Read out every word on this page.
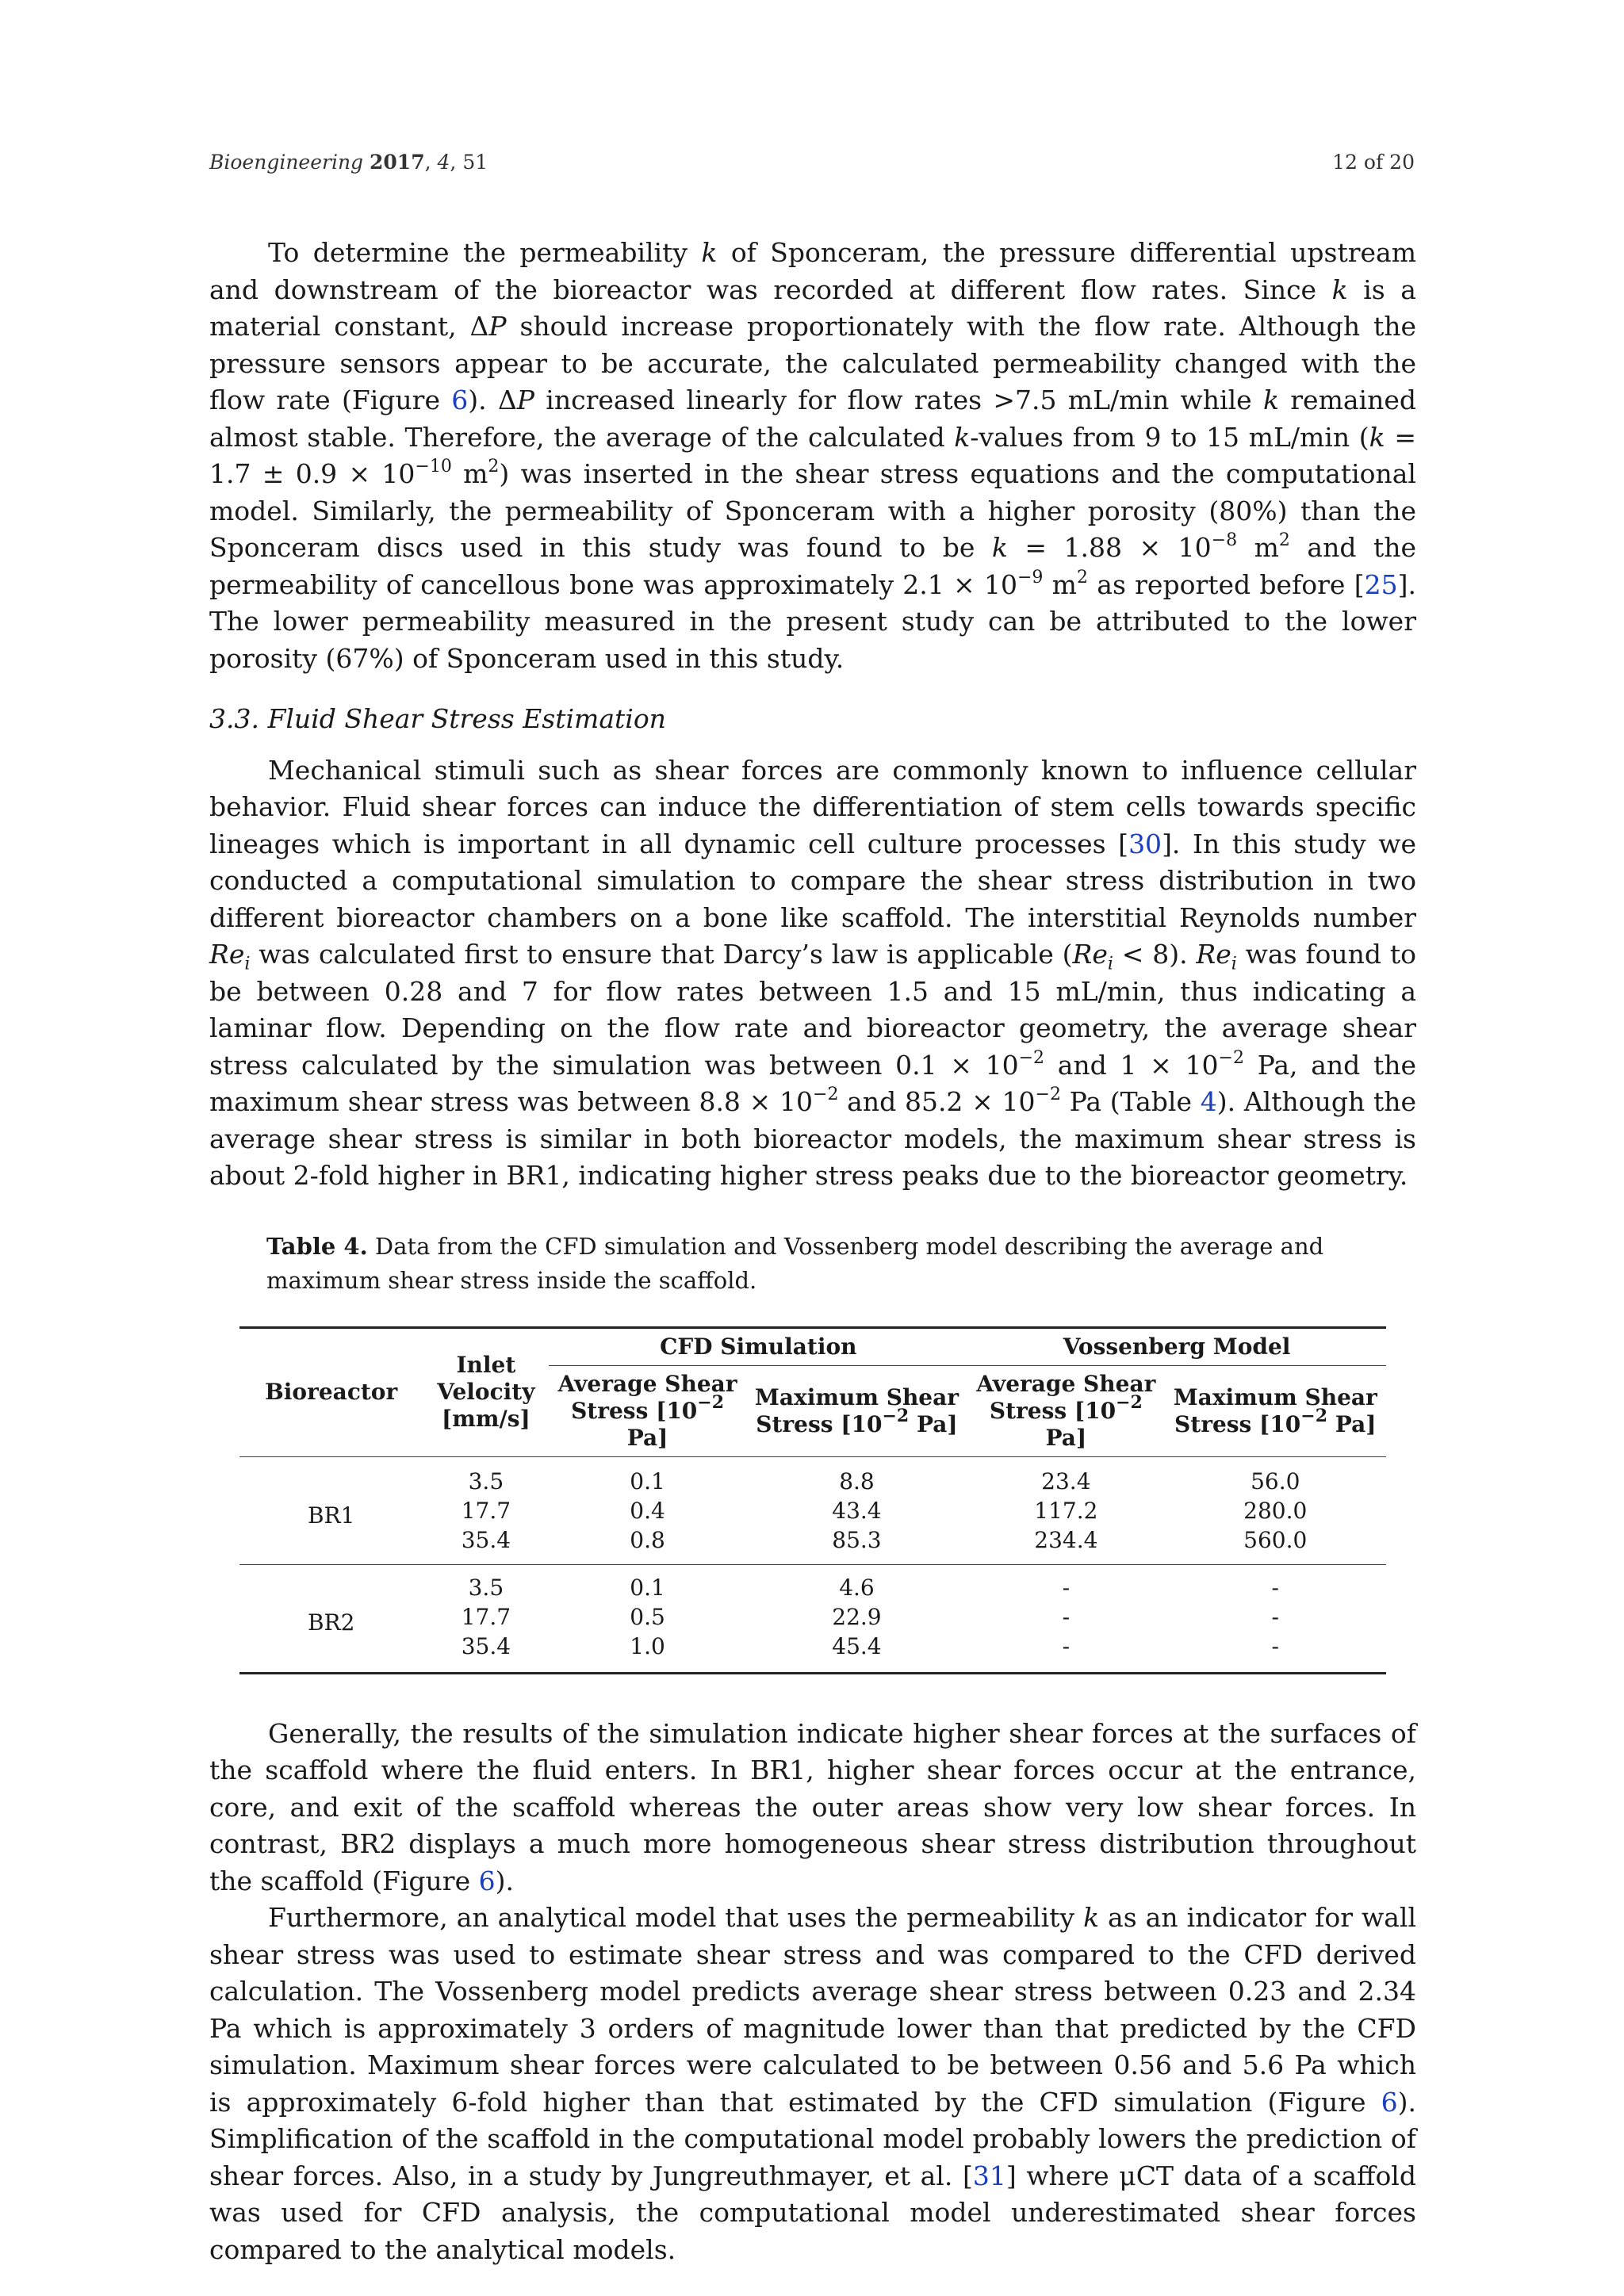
Bioengineering 2017, 4, 51	12 of 20

To determine the permeability k of Sponceram, the pressure differential upstream and downstream of the bioreactor was recorded at different flow rates. Since k is a material constant, ΔP should increase proportionately with the flow rate. Although the pressure sensors appear to be accurate, the calculated permeability changed with the flow rate (Figure 6). ΔP increased linearly for flow rates >7.5 mL/min while k remained almost stable. Therefore, the average of the calculated k-values from 9 to 15 mL/min ($k = 1.7 \pm 0.9 \times 10^{-10}$ $m^2$) was inserted in the shear stress equations and the computational model. Similarly, the permeability of Sponceram with a higher porosity (80%) than the Sponceram discs used in this study was found to be $k = 1.88 \times 10^{-8}$ $m^2$ and the permeability of cancellous bone was approximately $2.1 \times 10^{-9}$ $m^2$ as reported before [25]. The lower permeability measured in the present study can be attributed to the lower porosity (67%) of Sponceram used in this study.

3.3. Fluid Shear Stress Estimation

Mechanical stimuli such as shear forces are commonly known to influence cellular behavior. Fluid shear forces can induce the differentiation of stem cells towards specific lineages which is important in all dynamic cell culture processes [30]. In this study we conducted a computational simulation to compare the shear stress distribution in two different bioreactor chambers on a bone like scaffold. The interstitial Reynolds number $Re_i$ was calculated first to ensure that Darcy’s law is applicable $(Re_i < 8)$. $Re_i$ was found to be between 0.28 and 7 for flow rates between 1.5 and 15 mL/min, thus indicating a laminar flow. Depending on the flow rate and bioreactor geometry, the average shear stress calculated by the simulation was between $0.1 \times 10^{-2}$ and $1 \times 10^{-2}$ Pa, and the maximum shear stress was between $8.8 \times 10^{-2}$ and $85.2 \times 10^{-2}$ Pa (Table 4). Although the average shear stress is similar in both bioreactor models, the maximum shear stress is about 2-fold higher in BR1, indicating higher stress peaks due to the bioreactor geometry.

Table 4. Data from the CFD simulation and Vossenberg model describing the average and maximum shear stress inside the scaffold.

Bioreactor	Inlet Velocity [mm/s]	CFD Simulation		Vossenberg Model	
		Average Shear Stress [$10^{-2}$ Pa]	Maximum Shear Stress [$10^{-2}$ Pa]	Average Shear Stress [$10^{-2}$ Pa]	Maximum Shear Stress [$10^{-2}$ Pa]
BR1	3.5	0.1	8.8	23.4	56.0
	17.7	0.4	43.4	117.2	280.0
	35.4	0.8	85.3	234.4	560.0
BR2	3.5	0.1	4.6	-	-
	17.7	0.5	22.9	-	-
	35.4	1.0	45.4	-	-

Generally, the results of the simulation indicate higher shear forces at the surfaces of the scaffold where the fluid enters. In BR1, higher shear forces occur at the entrance, core, and exit of the scaffold whereas the outer areas show very low shear forces. In contrast, BR2 displays a much more homogeneous shear stress distribution throughout the scaffold (Figure 6).

Furthermore, an analytical model that uses the permeability k as an indicator for wall shear stress was used to estimate shear stress and was compared to the CFD derived calculation. The Vossenberg model predicts average shear stress between 0.23 and 2.34 Pa which is approximately 3 orders of magnitude lower than that predicted by the CFD simulation. Maximum shear forces were calculated to be between 0.56 and 5.6 Pa which is approximately 6-fold higher than that estimated by the CFD simulation (Figure 6). Simplification of the scaffold in the computational model probably lowers the prediction of shear forces. Also, in a study by Jungreuthmayer, et al. [31] where μCT data of a scaffold was used for CFD analysis, the computational model underestimated shear forces compared to the analytical models.
